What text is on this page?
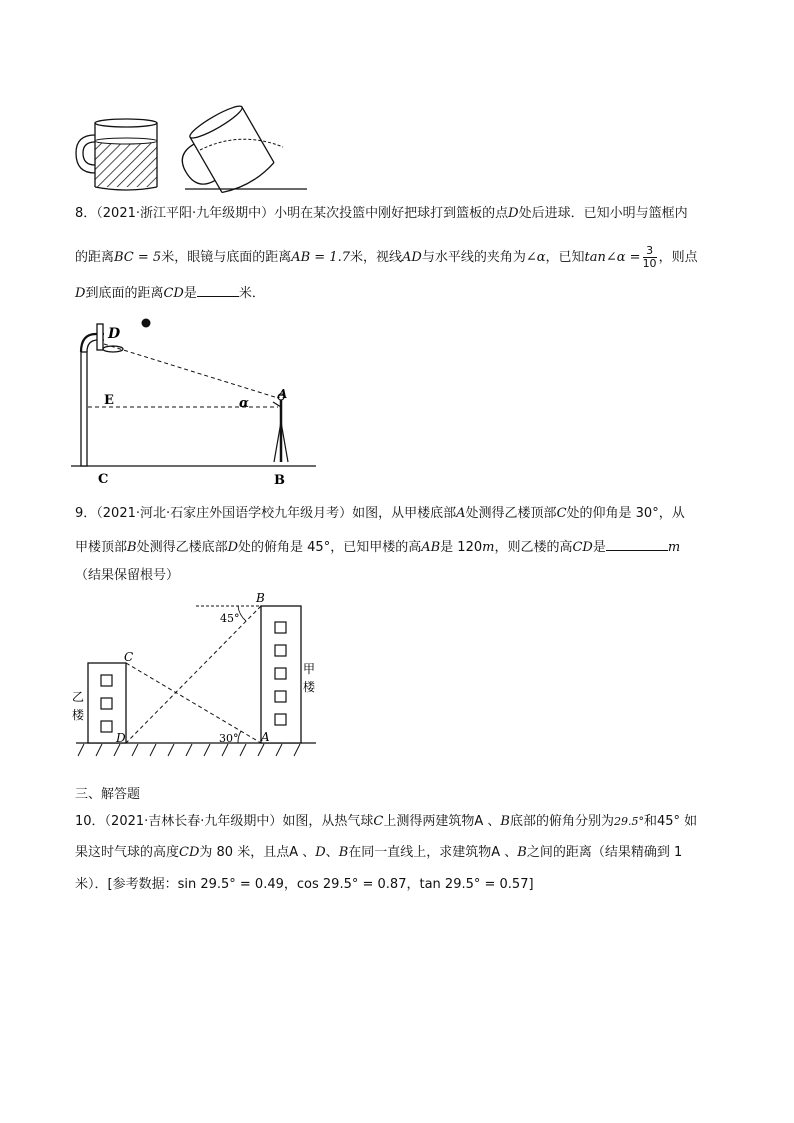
8．（2021·浙江平阳·九年级期中）小明在某次投篮中刚好把球打到篮板的点D处后进球．已知小明与篮框内
的距离BC = 5米，眼镜与底面的距离AB = 1.7米，视线AD与水平线的夹角为∠α，已知tan∠α = $\frac{3}{10}$ ，则点
D到底面的距离CD是	米．
D
E	α
A
C	B
9．（2021·河北·石家庄外国语学校九年级月考）如图，从甲楼底部A处测得乙楼顶部C处的仰角是 30°，从
甲楼顶部B处测得乙楼底部D处的俯角是 45°，已知甲楼的高AB是 120m，则乙楼的高CD是	m
（结果保留根号）
B
45°
C
甲
楼
乙
楼
30°
D	A
三、解答题
10．（2021·吉林长春·九年级期中）如图，从热气球C上测得两建筑物A 、B底部的俯角分别为29.5°和45° 如
果这时气球的高度CD为 80 米，且点A 、D、B在同一直线上，求建筑物A 、B之间的距离（结果精确到 1
米）．[参考数据：sin 29.5° = 0.49，cos 29.5° = 0.87，tan 29.5° = 0.57]
